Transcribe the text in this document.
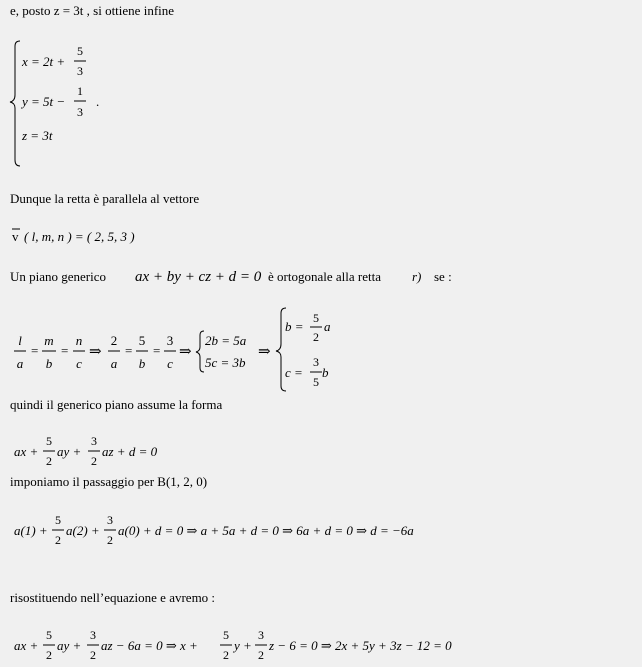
e, posto z = 3t , si ottiene infine
Dunque la retta è parallela al vettore
quindi il generico piano assume la forma
imponiamo il passaggio per B(1, 2, 0)
risostituendo nell’equazione e avremo :
x = 2t +
5
3
y = 5t −
1
3
.
z = 3t
v ( l, m, n ) = ( 2, 5, 3 )
Un piano generico ax + by + cz + d = 0 è ortogonale alla retta r) se :
l
a
=
m
b
=
n
c
⇒
2
a
=
5
b
=
3
c
⇒
2b = 5a
5c = 3b
⇒
b =
5
2
a
c =
3
5
b
ax +
5
2
ay +
3
2
az + d = 0
a(1) +
5
2
a(2) +
3
2
a(0) + d = 0 ⇒ a + 5a + d = 0 ⇒ 6a + d = 0 ⇒ d = −6a
ax +
5
2
ay +
3
2
az − 6a = 0 ⇒ x +
5
2
y +
3
2
z − 6 = 0 ⇒ 2x + 5y + 3z − 12 = 0
